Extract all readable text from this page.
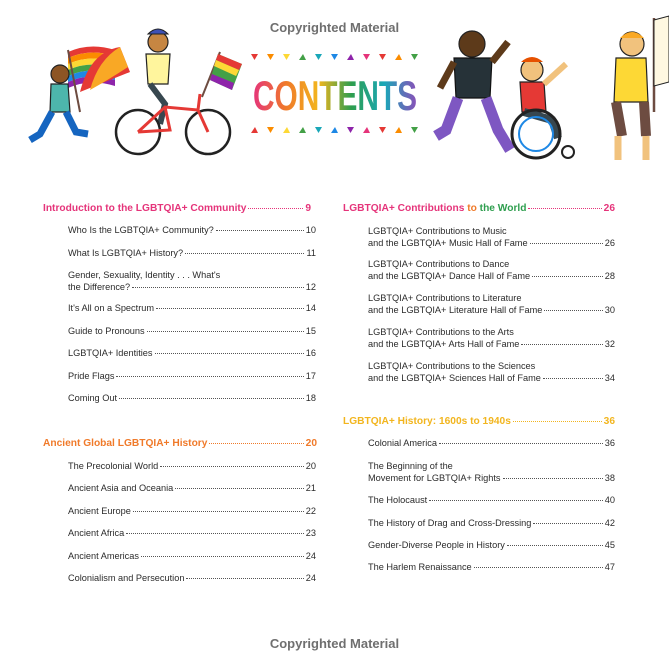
Copyrighted Material
Copyrighted Material
CONTENTS
Introduction to the LGBTQIA+ Community	9
Who Is the LGBTQIA+ Community?	10
What Is LGBTQIA+ History?	11
Gender, Sexuality, Identity . . . What's
the Difference?	12
It's All on a Spectrum	14
Guide to Pronouns	15
LGBTQIA+ Identities	16
Pride Flags	17
Coming Out	18
Ancient Global LGBTQIA+ History	20
The Precolonial World	20
Ancient Asia and Oceania	21
Ancient Europe	22
Ancient Africa	23
Ancient Americas	24
Colonialism and Persecution	24
LGBTQIA+ Contributions to the World	26
LGBTQIA+ Contributions to Music
and the LGBTQIA+ Music Hall of Fame	26
LGBTQIA+ Contributions to Dance
and the LGBTQIA+ Dance Hall of Fame	28
LGBTQIA+ Contributions to Literature
and the LGBTQIA+ Literature Hall of Fame	30
LGBTQIA+ Contributions to the Arts
and the LGBTQIA+ Arts Hall of Fame	32
LGBTQIA+ Contributions to the Sciences
and the LGBTQIA+ Sciences Hall of Fame	34
LGBTQIA+ History: 1600s to 1940s	36
Colonial America	36
The Beginning of the
Movement for LGBTQIA+ Rights	38
The Holocaust	40
The History of Drag and Cross-Dressing	42
Gender-Diverse People in History	45
The Harlem Renaissance	47
